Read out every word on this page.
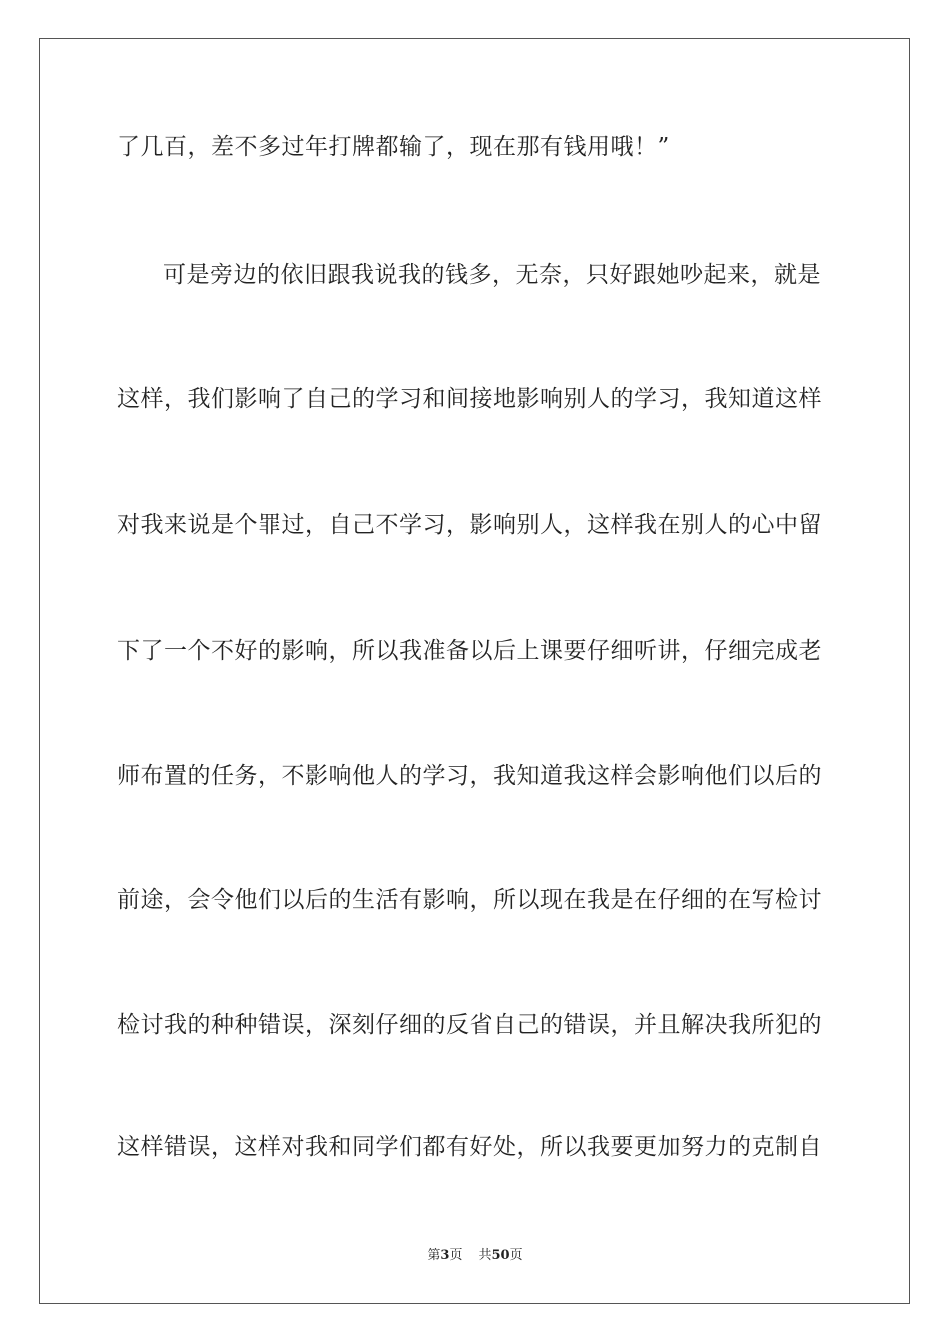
了几百，差不多过年打牌都输了，现在那有钱用哦！”
可是旁边的依旧跟我说我的钱多，无奈，只好跟她吵起来，就是
这样，我们影响了自己的学习和间接地影响别人的学习，我知道这样
对我来说是个罪过，自己不学习，影响别人，这样我在别人的心中留
下了一个不好的影响，所以我准备以后上课要仔细听讲，仔细完成老
师布置的任务，不影响他人的学习，我知道我这样会影响他们以后的
前途，会令他们以后的生活有影响，所以现在我是在仔细的在写检讨
检讨我的种种错误，深刻仔细的反省自己的错误，并且解决我所犯的
这样错误，这样对我和同学们都有好处，所以我要更加努力的克制自
第3页 共50页
